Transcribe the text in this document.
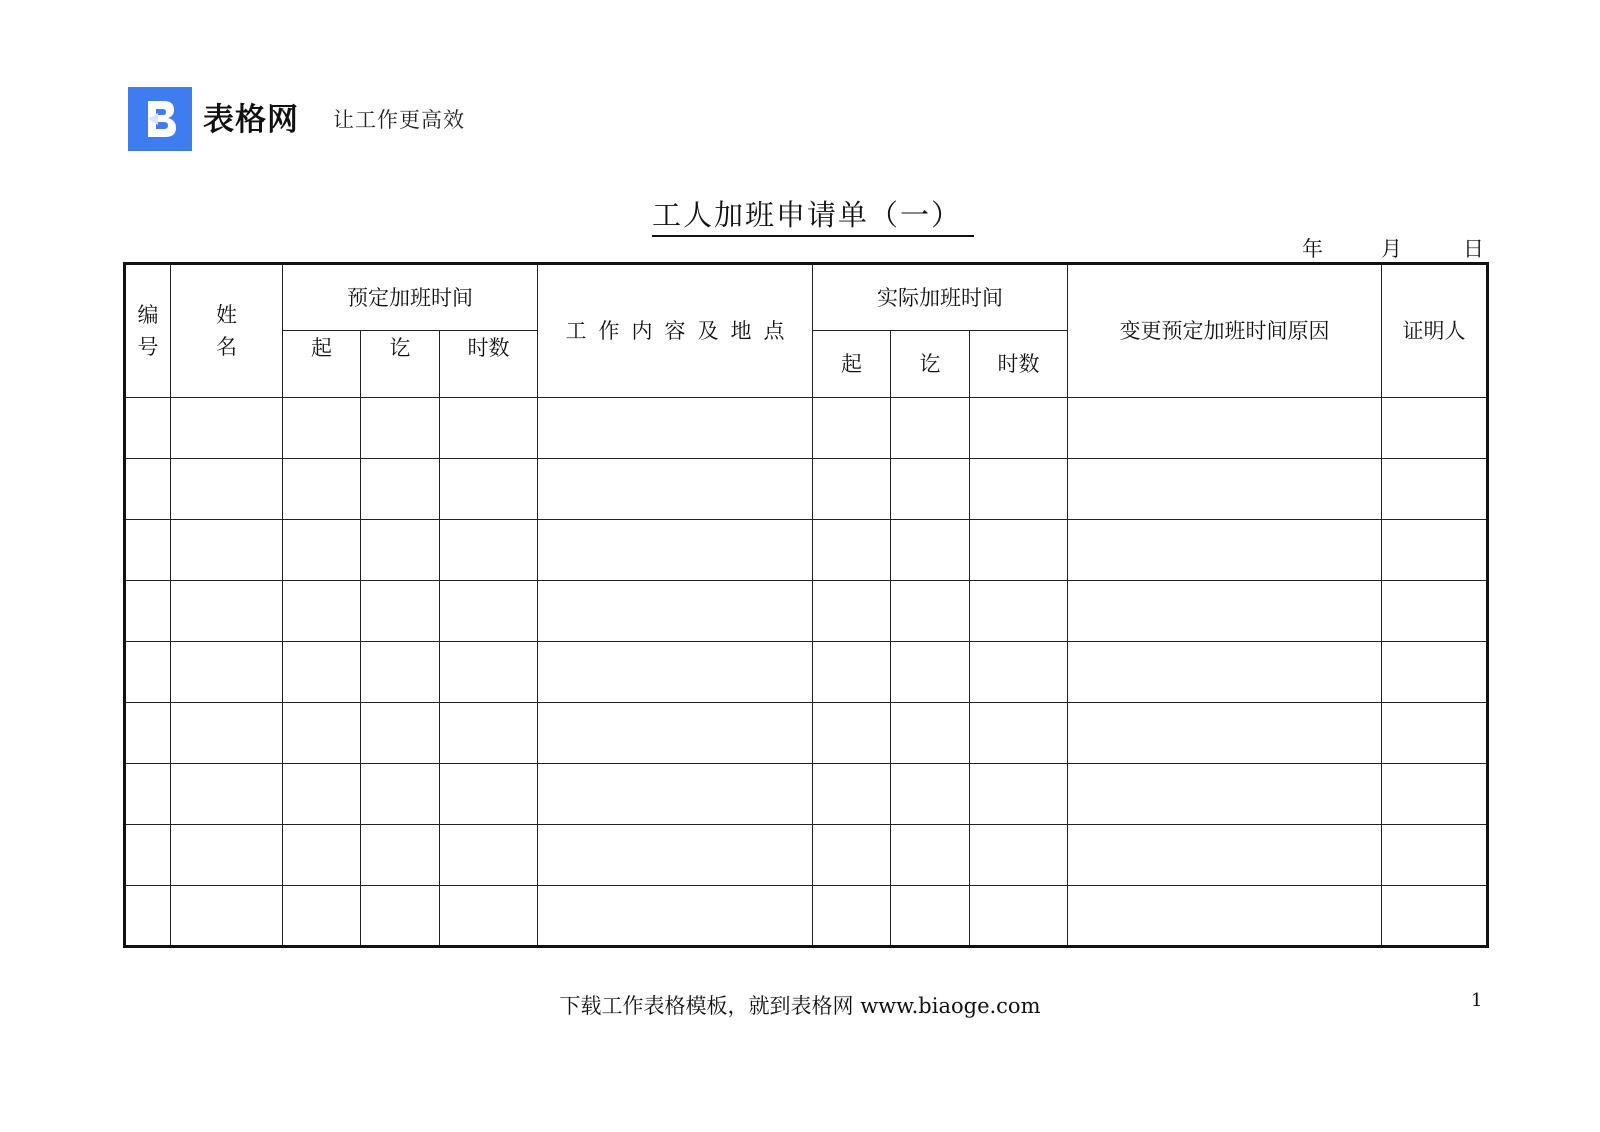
表格网 让工作更高效
工人加班申请单（一）
年	月	日
编号	姓名	预定加班时间			工作内容及地点	实际加班时间			变更预定加班时间原因	证明人
		起	讫	时数		起	讫	时数		

下载工作表格模板，就到表格网 www.biaoge.com	1
